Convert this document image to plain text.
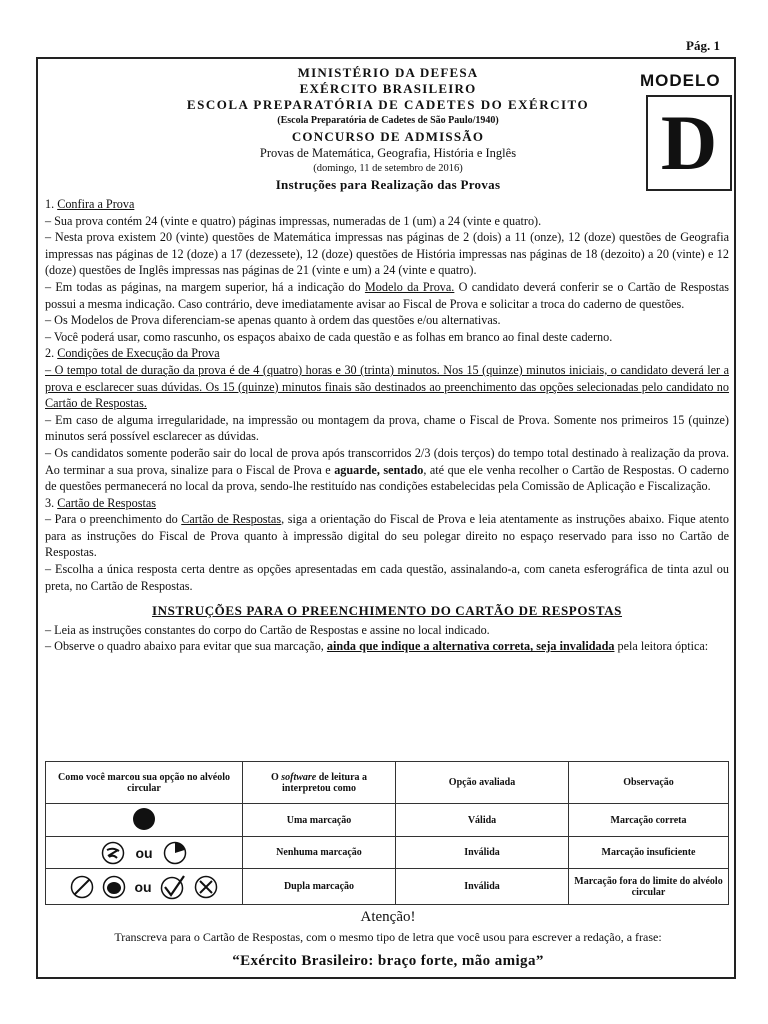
Pág. 1
MINISTÉRIO DA DEFESA
EXÉRCITO BRASILEIRO
ESCOLA PREPARATÓRIA DE CADETES DO EXÉRCITO
(Escola Preparatória de Cadetes de São Paulo/1940)
CONCURSO DE ADMISSÃO
Provas de Matemática, Geografia, História e Inglês
(domingo, 11 de setembro de 2016)
Instruções para Realização das Provas
MODELO
D

1. Confira a Prova

– Sua prova contém 24 (vinte e quatro) páginas impressas, numeradas de 1 (um) a 24 (vinte e quatro).

– Nesta prova existem 20 (vinte) questões de Matemática impressas nas páginas de 2 (dois) a 11 (onze), 12 (doze) questões de Geografia impressas nas páginas de 12 (doze) a 17 (dezessete), 12 (doze) questões de História impressas nas páginas de 18 (dezoito) a 20 (vinte) e 12 (doze) questões de Inglês impressas nas páginas de 21 (vinte e um) a 24 (vinte e quatro).

– Em todas as páginas, na margem superior, há a indicação do Modelo da Prova. O candidato deverá conferir se o Cartão de Respostas possui a mesma indicação. Caso contrário, deve imediatamente avisar ao Fiscal de Prova e solicitar a troca do caderno de questões.

– Os Modelos de Prova diferenciam-se apenas quanto à ordem das questões e/ou alternativas.

– Você poderá usar, como rascunho, os espaços abaixo de cada questão e as folhas em branco ao final deste caderno.

2. Condições de Execução da Prova

– O tempo total de duração da prova é de 4 (quatro) horas e 30 (trinta) minutos. Nos 15 (quinze) minutos iniciais, o candidato deverá ler a prova e esclarecer suas dúvidas. Os 15 (quinze) minutos finais são destinados ao preenchimento das opções selecionadas pelo candidato no Cartão de Respostas.

– Em caso de alguma irregularidade, na impressão ou montagem da prova, chame o Fiscal de Prova. Somente nos primeiros 15 (quinze) minutos será possível esclarecer as dúvidas.

– Os candidatos somente poderão sair do local de prova após transcorridos 2/3 (dois terços) do tempo total destinado à realização da prova. Ao terminar a sua prova, sinalize para o Fiscal de Prova e aguarde, sentado, até que ele venha recolher o Cartão de Respostas. O caderno de questões permanecerá no local da prova, sendo-lhe restituído nas condições estabelecidas pela Comissão de Aplicação e Fiscalização.

3. Cartão de Respostas

– Para o preenchimento do Cartão de Respostas, siga a orientação do Fiscal de Prova e leia atentamente as instruções abaixo. Fique atento para as instruções do Fiscal de Prova quanto à impressão digital do seu polegar direito no espaço reservado para isso no Cartão de Respostas.

– Escolha a única resposta certa dentre as opções apresentadas em cada questão, assinalando-a, com caneta esferográfica de tinta azul ou preta, no Cartão de Respostas.

INSTRUÇÕES PARA O PREENCHIMENTO DO CARTÃO DE RESPOSTAS

– Leia as instruções constantes do corpo do Cartão de Respostas e assine no local indicado.

– Observe o quadro abaixo para evitar que sua marcação, ainda que indique a alternativa correta, seja invalidada pela leitora óptica:

Como você marcou sua opção no alvéolo circular	O software de leitura a interpretou como	Opção avaliada	Observação
	Uma marcação	Válida	Marcação correta

ou	Nenhuma marcação	Inválida	Marcação insuficiente

ou	Dupla marcação	Inválida	Marcação fora do limite do alvéolo circular
Atenção!
Transcreva para o Cartão de Respostas, com o mesmo tipo de letra que você usou para escrever a redação, a frase:
“Exército Brasileiro: braço forte, mão amiga”
